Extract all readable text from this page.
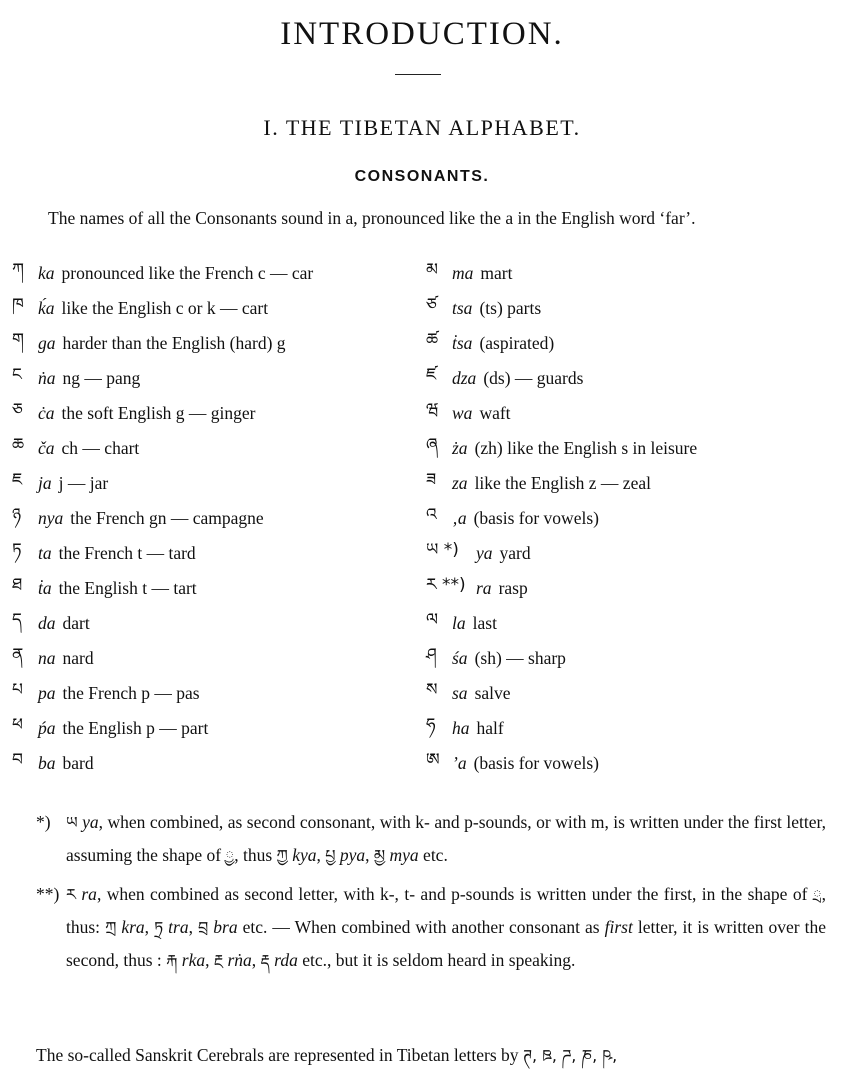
INTRODUCTION.
I. THE TIBETAN ALPHABET.
CONSONANTS.
The names of all the Consonants sound in a, pronounced like the a in the English word ‘far’.
ཀ ka pronounced like the French c — car
ཁ ḱa like the English c or k — cart
ག ga harder than the English (hard) g
ང ṅa ng — pang
ཅ ċa the soft English g — ginger
ཆ ča ch — chart
ཇ ja j — jar
ཉ nya the French gn — campagne
ཏ ta the French t — tard
ཐ ṫa the English t — tart
ད da dart
ན na nard
པ pa the French p — pas
ཕ ṕa the English p — part
བ ba bard
མ ma mart
ཙ tsa (ts) parts
ཚ ṫsa (aspirated)
ཛ dza (ds) — guards
ཝ wa waft
ཞ ża (zh) like the English s in leisure
ཟ za like the English z — zeal
འ ‚a (basis for vowels)
ཡ *) ya yard
ར **) ra rasp
ལ la last
ཤ śa (sh) — sharp
ས sa salve
ཧ ha half
ཨ ’a (basis for vowels)
*) ཡ ya, when combined, as second consonant, with k- and p-sounds, or with m, is written under the first letter, assuming the shape of ྱ, thus ཀྱ kya, པྱ pya, མྱ mya etc.
**) ར ra, when combined as second letter, with k-, t- and p-sounds is written under the first, in the shape of ྲ, thus: ཀྲ kra, ཏྲ tra, བྲ bra etc. — When combined with another consonant as first letter, it is written over the second, thus : རྐ rka, རྔ rṅa, རྡ rda etc., but it is seldom heard in speaking.
The so-called Sanskrit Cerebrals are represented in Tibetan letters by ཊ, ཋ, ཌ, ཎ, ཥ,
